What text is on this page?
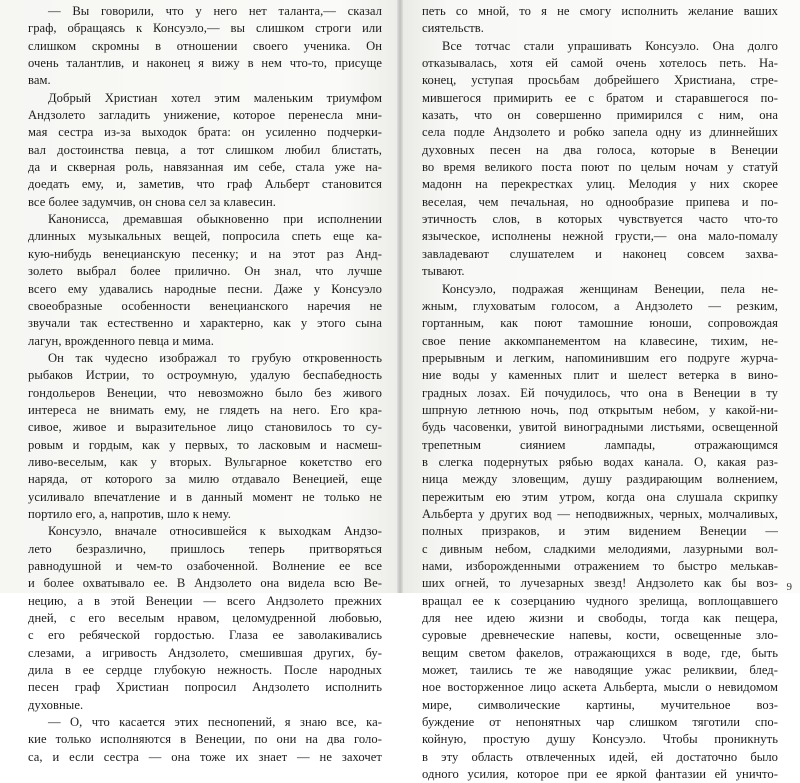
— Вы говорили, что у него нет таланта,— сказал
граф, обращаясь к Консуэло,— вы слишком строги или
слишком скромны в отношении своего ученика. Он
очень талантлив, и наконец я вижу в нем что-то, присуще
вам.
Добрый Христиан хотел этим маленьким триумфом
Андзолето загладить унижение, которое перенесла мни-
мая сестра из-за выходок брата: он усиленно подчерки-
вал достоинства певца, а тот слишком любил блистать,
да и скверная роль, навязанная им себе, стала уже на-
доедать ему, и, заметив, что граф Альберт становится
все более задумчив, он снова сел за клавесин.
Канонисса, дремавшая обыкновенно при исполнении
длинных музыкальных вещей, попросила спеть еще ка-
кую-нибудь венецианскую песенку; и на этот раз Анд-
золето выбрал более прилично. Он знал, что лучше
всего ему удавались народные песни. Даже у Консуэло
своеобразные особенности венецианского наречия не
звучали так естественно и характерно, как у этого сына
лагун, врожденного певца и мима.
Он так чудесно изображал то грубую откровенность
рыбаков Истрии, то остроумную, удалую беспабедность
гондольеров Венеции, что невозможно было без живого
интереса не внимать ему, не глядеть на него. Его кра-
сивое, живое и выразительное лицо становилось то су-
ровым и гордым, как у первых, то ласковым и насмеш-
ливо-веселым, как у вторых. Вульгарное кокетство его
наряда, от которого за милю отдавало Венецией, еще
усиливало впечатление и в данный момент не только не
портило его, а, напротив, шло к нему.
Консуэло, вначале относившейся к выходкам Андзо-
лето безразлично, пришлось теперь притворяться
равнодушной и чем-то озабоченной. Волнение ее все
и более охватывало ее. В Андзолето она видела всю Ве-
нецию, а в этой Венеции — всего Андзолето прежних
дней, с его веселым нравом, целомудренной любовью,
с его ребяческой гордостью. Глаза ее заволакивались
слезами, а игривость Андзолето, смешившая других, бу-
дила в ее сердце глубокую нежность. После народных
песен граф Христиан попросил Андзолето исполнить
духовные.
— О, что касается этих песнопений, я знаю все, ка-
кие только исполняются в Венеции, по они на два голо-
са, и если сестра — она тоже их знает — не захочет
петь со мной, то я не смогу исполнить желание ваших
сиятельств.
Все тотчас стали упрашивать Консуэло. Она долго
отказывалась, хотя ей самой очень хотелось петь. На-
конец, уступая просьбам добрейшего Христиана, стре-
мившегося примирить ее с братом и старавшегося по-
казать, что он совершенно примирился с ним, она
села подле Андзолето и робко запела одну из длиннейших
духовных песен на два голоса, которые в Венеции
во время великого поста поют по целым ночам у статуй
мадонн на перекрестках улиц. Мелодия у них скорее
веселая, чем печальная, но однообразие припева и по-
этичность слов, в которых чувствуется часто что-то
языческое, исполнены нежной грусти,— она мало-помалу
завладевают слушателем и наконец совсем захва-
тывают.
Консуэло, подражая женщинам Венеции, пела не-
жным, глуховатым голосом, а Андзолето — резким,
гортанным, как поют тамошние юноши, сопровождая
свое пение аккомпанементом на клавесине, тихим, не-
прерывным и легким, напоминившим его подруге журча-
ние воды у каменных плит и шелест ветерка в вино-
градных лозах. Ей почудилось, что она в Венеции в ту
шпрную летнюю ночь, под открытым небом, у какой-ни-
будь часовенки, увитой виноградными листьями, освещенной
трепетным сиянием лампады, отражающимся
в слегка подернутых рябью водах канала. О, какая раз-
ница между зловещим, душу раздирающим волнением,
пережитым ею этим утром, когда она слушала скрипку
Альберта у других вод — неподвижных, черных, молчаливых,
полных призраков, и этим видением Венеции —
с дивным небом, сладкими мелодиями, лазурными вол-
нами, изборожденными отражением то быстро мелькав-
ших огней, то лучезарных звезд! Андзолето как бы воз-
вращал ее к созерцанию чудного зрелища, воплощавшего
для нее идею жизни и свободы, тогда как пещера,
суровые древнеческие напевы, кости, освещенные зло-
вещим светом факелов, отражающихся в воде, где, быть
может, таились те же наводящие ужас реликвии, блед-
ное восторженное лицо аскета Альберта, мысли о невидомом
мире, символические картины, мучительное воз-
буждение от непонятных чар слишком тяготили спо-
койную, простую душу Консуэло. Чтобы проникнуть
в эту область отвлеченных идей, ей достаточно было
одного усилия, которое при ее яркой фантазии ей уничто-
9
